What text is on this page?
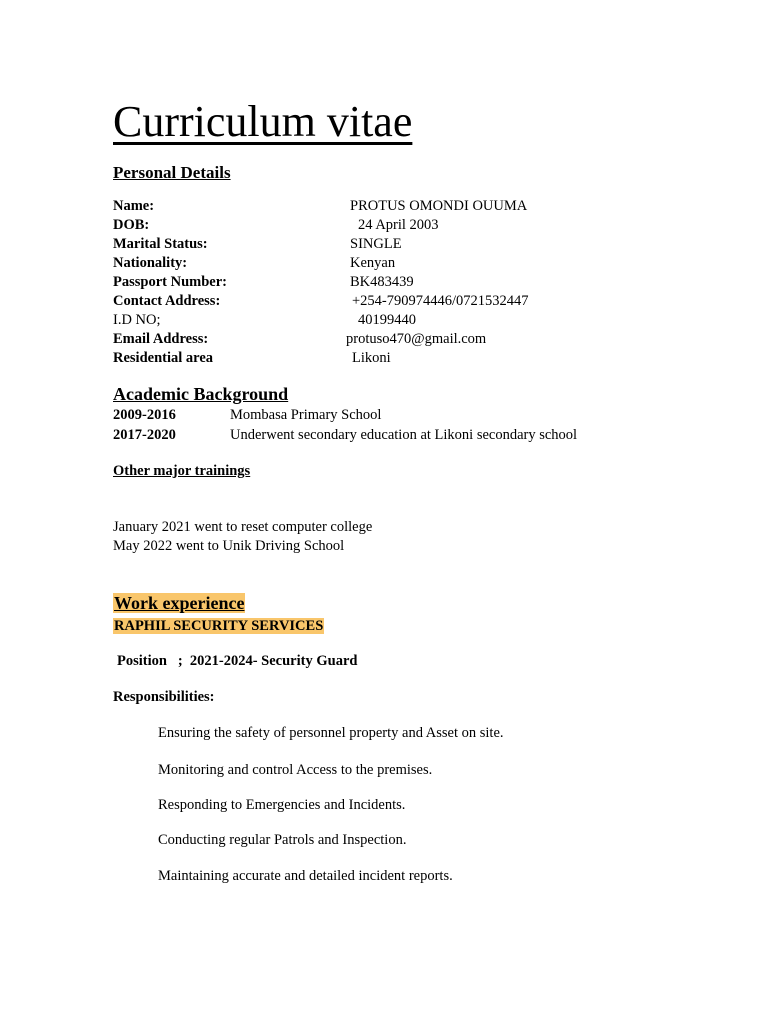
Curriculum vitae
Personal Details
Name:	PROTUS OMONDI OUUMA
DOB:	24 April 2003
Marital Status:	SINGLE
Nationality:	Kenyan
Passport Number:	BK483439
Contact Address:	+254-790974446/0721532447
I.D NO;	40199440
Email Address:	protuso470@gmail.com
Residential area	Likoni
Academic Background
2009-2016	Mombasa Primary School
2017-2020	Underwent secondary education at Likoni secondary school
Other major trainings
January 2021 went to reset computer college
May 2022 went to Unik Driving School
Work experience
RAPHIL SECURITY SERVICES
Position   ;  2021-2024- Security Guard
Responsibilities:
Ensuring the safety of personnel property and Asset on site.
Monitoring and control Access to the premises.
Responding to Emergencies and Incidents.
Conducting regular Patrols and Inspection.
Maintaining accurate and detailed incident reports.
